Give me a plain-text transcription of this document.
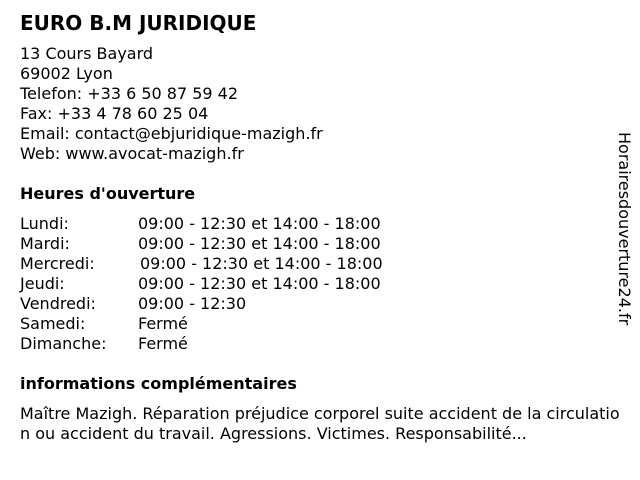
EURO B.M JURIDIQUE
13 Cours Bayard
69002 Lyon
Telefon: +33 6 50 87 59 42
Fax: +33 4 78 60 25 04
Email: contact@ebjuridique-mazigh.fr
Web: www.avocat-mazigh.fr
Heures d'ouverture
Lundi:	09:00 - 12:30 et 14:00 - 18:00
Mardi:	09:00 - 12:30 et 14:00 - 18:00
Mercredi:	09:00 - 12:30 et 14:00 - 18:00
Jeudi:	09:00 - 12:30 et 14:00 - 18:00
Vendredi:	09:00 - 12:30
Samedi:	Fermé
Dimanche: Fermé
informations complémentaires
Maître Mazigh. Réparation préjudice corporel suite accident de la circulation ou accident du travail. Agressions. Victimes. Responsabilité...
Horairesdouverture24.fr
